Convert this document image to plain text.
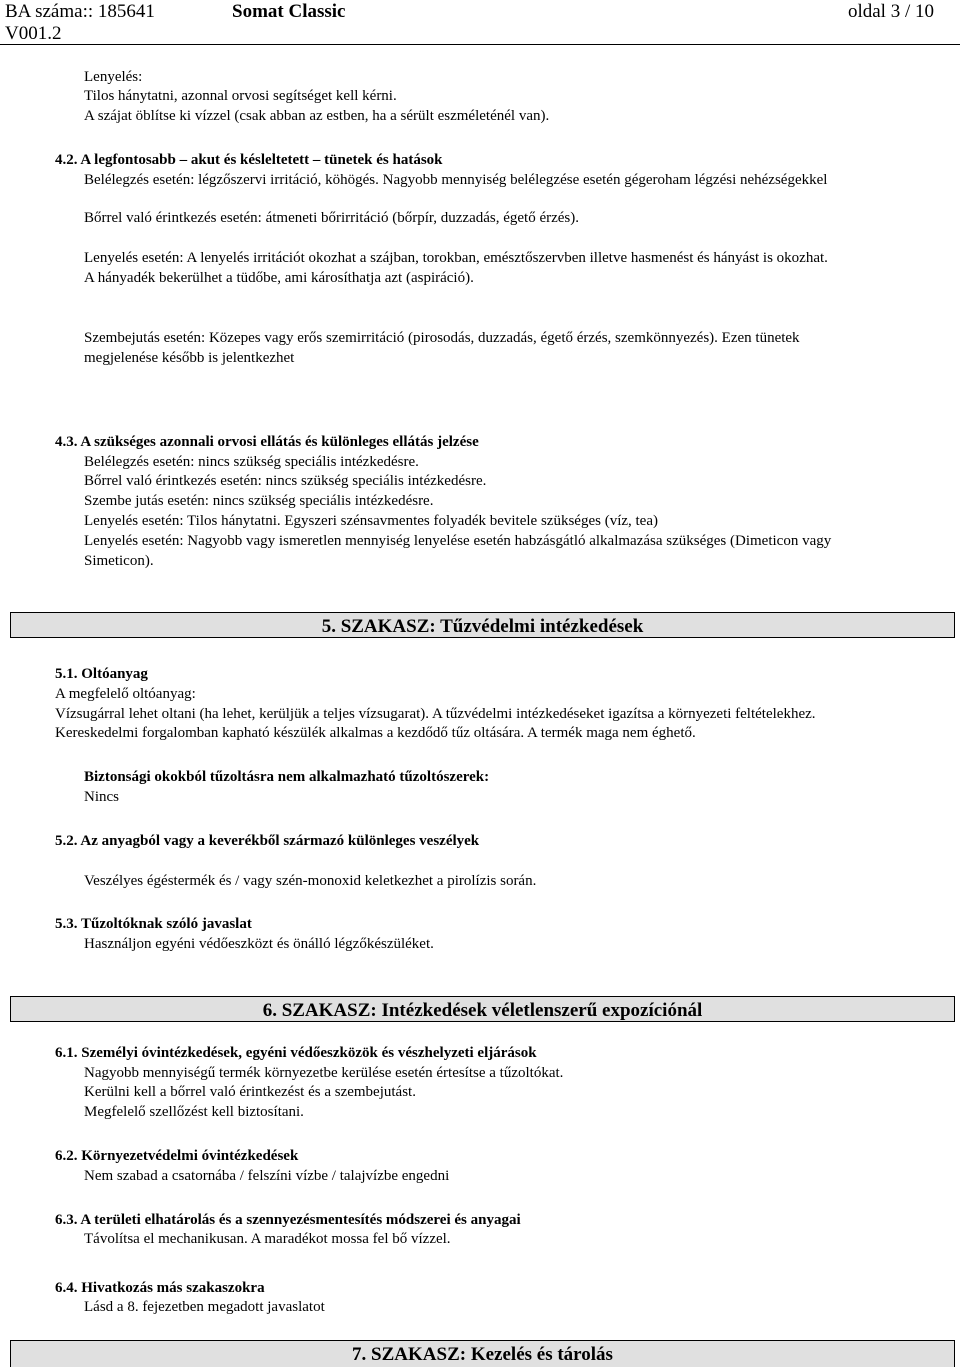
BA száma:: 185641
V001.2
Somat Classic	oldal 3 / 10
Lenyelés:
Tilos hánytatni, azonnal orvosi segítséget kell kérni.
A szájat öblítse ki vízzel (csak abban az estben, ha a sérült eszméleténél van).
4.2. A legfontosabb – akut és késleltetett – tünetek és hatások
Belélegzés esetén: légzőszervi irritáció, köhögés. Nagyobb mennyiség belélegzése esetén gégeroham légzési nehézségekkel
Bőrrel való érintkezés esetén: átmeneti bőrirritáció (bőrpír, duzzadás, égető érzés).
Lenyelés esetén: A lenyelés irritációt okozhat a szájban, torokban, emésztőszervben illetve hasmenést és hányást is okozhat.
A hányadék bekerülhet a tüdőbe, ami károsíthatja azt (aspiráció).
Szembejutás esetén: Közepes vagy erős szemirritáció (pirosodás, duzzadás, égető érzés, szemkönnyezés). Ezen tünetek
megjelenése később is jelentkezhet
4.3. A szükséges azonnali orvosi ellátás és különleges ellátás jelzése
Belélegzés esetén: nincs szükség speciális intézkedésre.
Bőrrel való érintkezés esetén: nincs szükség speciális intézkedésre.
Szembe jutás esetén: nincs szükség speciális intézkedésre.
Lenyelés esetén: Tilos hánytatni. Egyszeri szénsavmentes folyadék bevitele szükséges (víz, tea)
Lenyelés esetén: Nagyobb vagy ismeretlen mennyiség lenyelése esetén habzásgátló alkalmazása szükséges (Dimeticon vagy
Simeticon).
5. SZAKASZ: Tűzvédelmi intézkedések
5.1. Oltóanyag
A megfelelő oltóanyag:
Vízsugárral lehet oltani (ha lehet, kerüljük a teljes vízsugarat). A tűzvédelmi intézkedéseket igazítsa a környezeti feltételekhez.
Kereskedelmi forgalomban kapható készülék alkalmas a kezdődő tűz oltására. A termék maga nem éghető.
Biztonsági okokból tűzoltásra nem alkalmazható tűzoltószerek:
Nincs
5.2. Az anyagból vagy a keverékből származó különleges veszélyek
Veszélyes égéstermék és / vagy szén-monoxid keletkezhet a pirolízis során.
5.3. Tűzoltóknak szóló javaslat
Használjon egyéni védőeszközt és önálló légzőkészüléket.
6. SZAKASZ: Intézkedések véletlenszerű expozíciónál
6.1. Személyi óvintézkedések, egyéni védőeszközök és vészhelyzeti eljárások
Nagyobb mennyiségű termék környezetbe kerülése esetén értesítse a tűzoltókat.
Kerülni kell a bőrrel való érintkezést és a szembejutást.
Megfelelő szellőzést kell biztosítani.
6.2. Környezetvédelmi óvintézkedések
Nem szabad a csatornába / felszíni vízbe / talajvízbe engedni
6.3. A területi elhatárolás és a szennyezésmentesítés módszerei és anyagai
Távolítsa el mechanikusan. A maradékot mossa fel bő vízzel.
6.4. Hivatkozás más szakaszokra
Lásd a 8. fejezetben megadott javaslatot
7. SZAKASZ: Kezelés és tárolás
